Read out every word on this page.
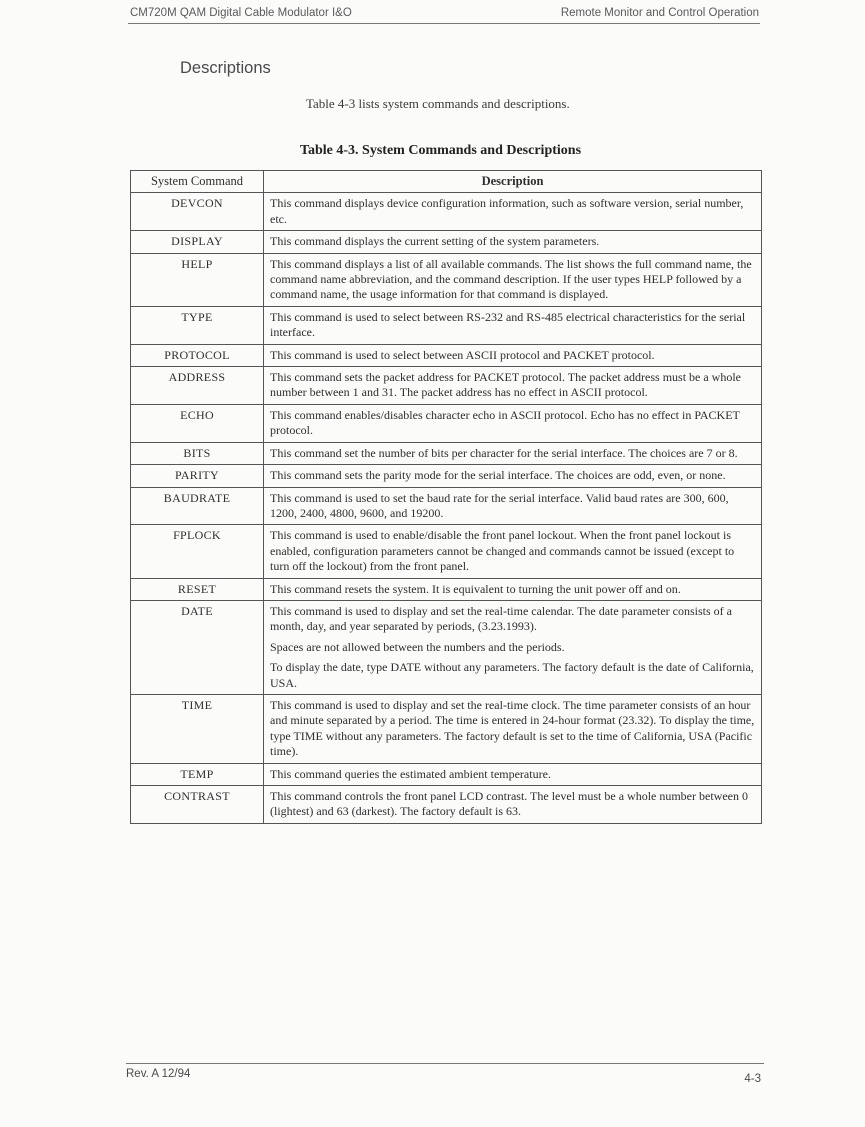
CM720M QAM Digital Cable Modulator I&O	Remote Monitor and Control Operation
Descriptions
Table 4-3 lists system commands and descriptions.
Table 4-3. System Commands and Descriptions
System Command	Description
DEVCON	This command displays device configuration information, such as software version, serial number, etc.

DISPLAY	This command displays the current setting of the system parameters.

HELP	This command displays a list of all available commands. The list shows the full command name, the command name abbreviation, and the command description. If the user types HELP followed by a command name, the usage information for that command is displayed.

TYPE	This command is used to select between RS-232 and RS-485 electrical characteristics for the serial interface.

PROTOCOL	This command is used to select between ASCII protocol and PACKET protocol.

ADDRESS	This command sets the packet address for PACKET protocol. The packet address must be a whole number between 1 and 31. The packet address has no effect in ASCII protocol.

ECHO	This command enables/disables character echo in ASCII protocol. Echo has no effect in PACKET protocol.

BITS	This command set the number of bits per character for the serial interface. The choices are 7 or 8.

PARITY	This command sets the parity mode for the serial interface. The choices are odd, even, or none.

BAUDRATE	This command is used to set the baud rate for the serial interface. Valid baud rates are 300, 600, 1200, 2400, 4800, 9600, and 19200.

FPLOCK	This command is used to enable/disable the front panel lockout. When the front panel lockout is enabled, configuration parameters cannot be changed and commands cannot be issued (except to turn off the lockout) from the front panel.

RESET	This command resets the system. It is equivalent to turning the unit power off and on.

DATE	This command is used to display and set the real-time calendar. The date parameter consists of a month, day, and year separated by periods, (3.23.1993).
Spaces are not allowed between the numbers and the periods.
To display the date, type DATE without any parameters. The factory default is the date of California, USA.

TIME	This command is used to display and set the real-time clock. The time parameter consists of an hour and minute separated by a period. The time is entered in 24-hour format (23.32). To display the time, type TIME without any parameters. The factory default is set to the time of California, USA (Pacific time).

TEMP	This command queries the estimated ambient temperature.

CONTRAST	This command controls the front panel LCD contrast. The level must be a whole number between 0 (lightest) and 63 (darkest). The factory default is 63.
Rev. A 12/94	4-3
